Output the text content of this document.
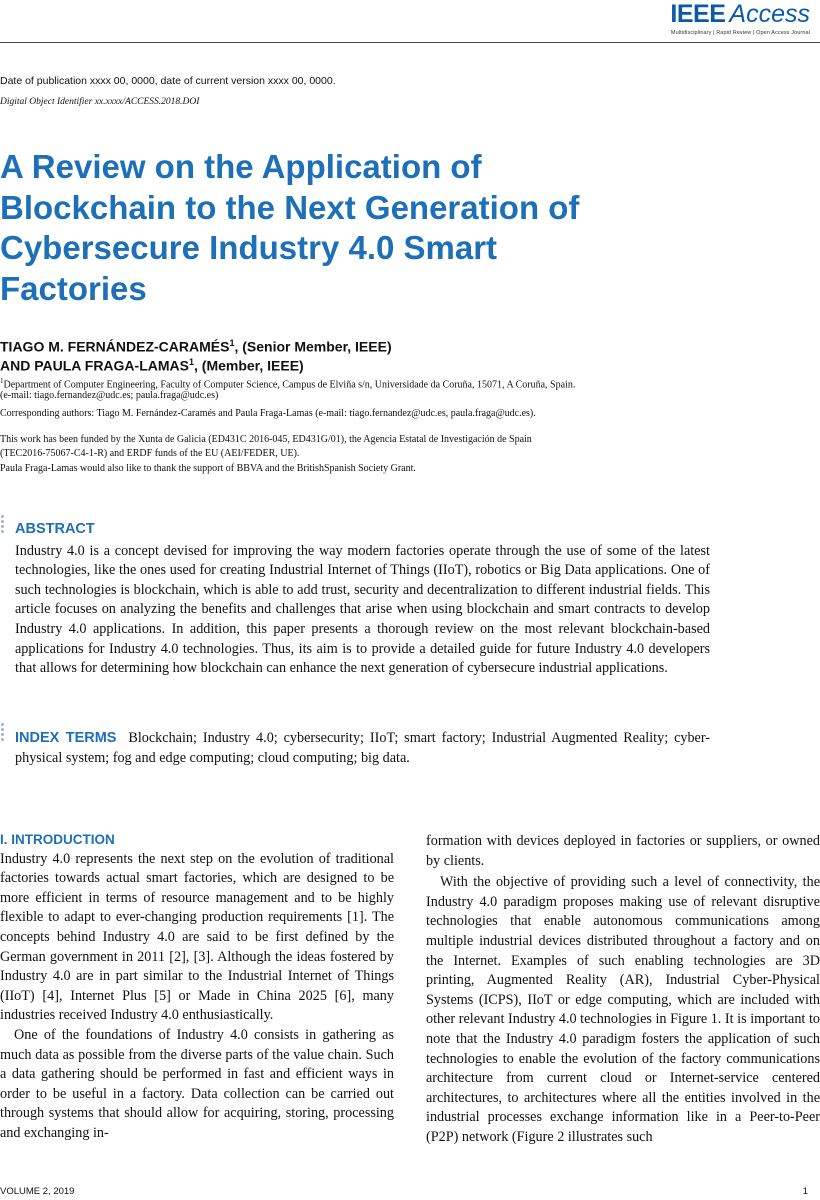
IEEE Access
Multidisciplinary | Rapid Review | Open Access Journal
Date of publication xxxx 00, 0000, date of current version xxxx 00, 0000.
Digital Object Identifier xx.xxxx/ACCESS.2018.DOI
A Review on the Application of
Blockchain to the Next Generation of
Cybersecure Industry 4.0 Smart
Factories
TIAGO M. FERNÁNDEZ-CARAMÉS$^1$, (Senior Member, IEEE)
AND PAULA FRAGA-LAMAS$^1$, (Member, IEEE)
$^1$Department of Computer Engineering, Faculty of Computer Science, Campus de Elviña s/n, Universidade da Coruña, 15071, A Coruña, Spain.
(e-mail: tiago.fernandez@udc.es; paula.fraga@udc.es)
Corresponding authors: Tiago M. Fernández-Caramés and Paula Fraga-Lamas (e-mail: tiago.fernandez@udc.es, paula.fraga@udc.es).
This work has been funded by the Xunta de Galicia (ED431C 2016-045, ED431G/01), the Agencia Estatal de Investigación de Spain
(TEC2016-75067-C4-1-R) and ERDF funds of the EU (AEI/FEDER, UE).
Paula Fraga-Lamas would also like to thank the support of BBVA and the BritishSpanish Society Grant.
ABSTRACT
Industry 4.0 is a concept devised for improving the way modern factories operate through the use of some of the latest technologies, like the ones used for creating Industrial Internet of Things (IIoT), robotics or Big Data applications. One of such technologies is blockchain, which is able to add trust, security and decentralization to different industrial fields. This article focuses on analyzing the benefits and challenges that arise when using blockchain and smart contracts to develop Industry 4.0 applications. In addition, this paper presents a thorough review on the most relevant blockchain-based applications for Industry 4.0 technologies. Thus, its aim is to provide a detailed guide for future Industry 4.0 developers that allows for determining how blockchain can enhance the next generation of cybersecure industrial applications.
INDEX TERMS Blockchain; Industry 4.0; cybersecurity; IIoT; smart factory; Industrial Augmented Reality; cyber-physical system; fog and edge computing; cloud computing; big data.
I. INTRODUCTION

Industry 4.0 represents the next step on the evolution of traditional factories towards actual smart factories, which are designed to be more efficient in terms of resource management and to be highly flexible to adapt to ever-changing production requirements [1]. The concepts behind Industry 4.0 are said to be first defined by the German government in 2011 [2], [3]. Although the ideas fostered by Industry 4.0 are in part similar to the Industrial Internet of Things (IIoT) [4], Internet Plus [5] or Made in China 2025 [6], many industries received Industry 4.0 enthusiastically.

One of the foundations of Industry 4.0 consists in gathering as much data as possible from the diverse parts of the value chain. Such a data gathering should be performed in fast and efficient ways in order to be useful in a factory. Data collection can be carried out through systems that should allow for acquiring, storing, processing and exchanging in-

formation with devices deployed in factories or suppliers, or owned by clients.

With the objective of providing such a level of connectivity, the Industry 4.0 paradigm proposes making use of relevant disruptive technologies that enable autonomous communications among multiple industrial devices distributed throughout a factory and on the Internet. Examples of such enabling technologies are 3D printing, Augmented Reality (AR), Industrial Cyber-Physical Systems (ICPS), IIoT or edge computing, which are included with other relevant Industry 4.0 technologies in Figure 1. It is important to note that the Industry 4.0 paradigm fosters the application of such technologies to enable the evolution of the factory communications architecture from current cloud or Internet-service centered architectures, to architectures where all the entities involved in the industrial processes exchange information like in a Peer-to-Peer (P2P) network (Figure 2 illustrates such

VOLUME 2, 2019	1
